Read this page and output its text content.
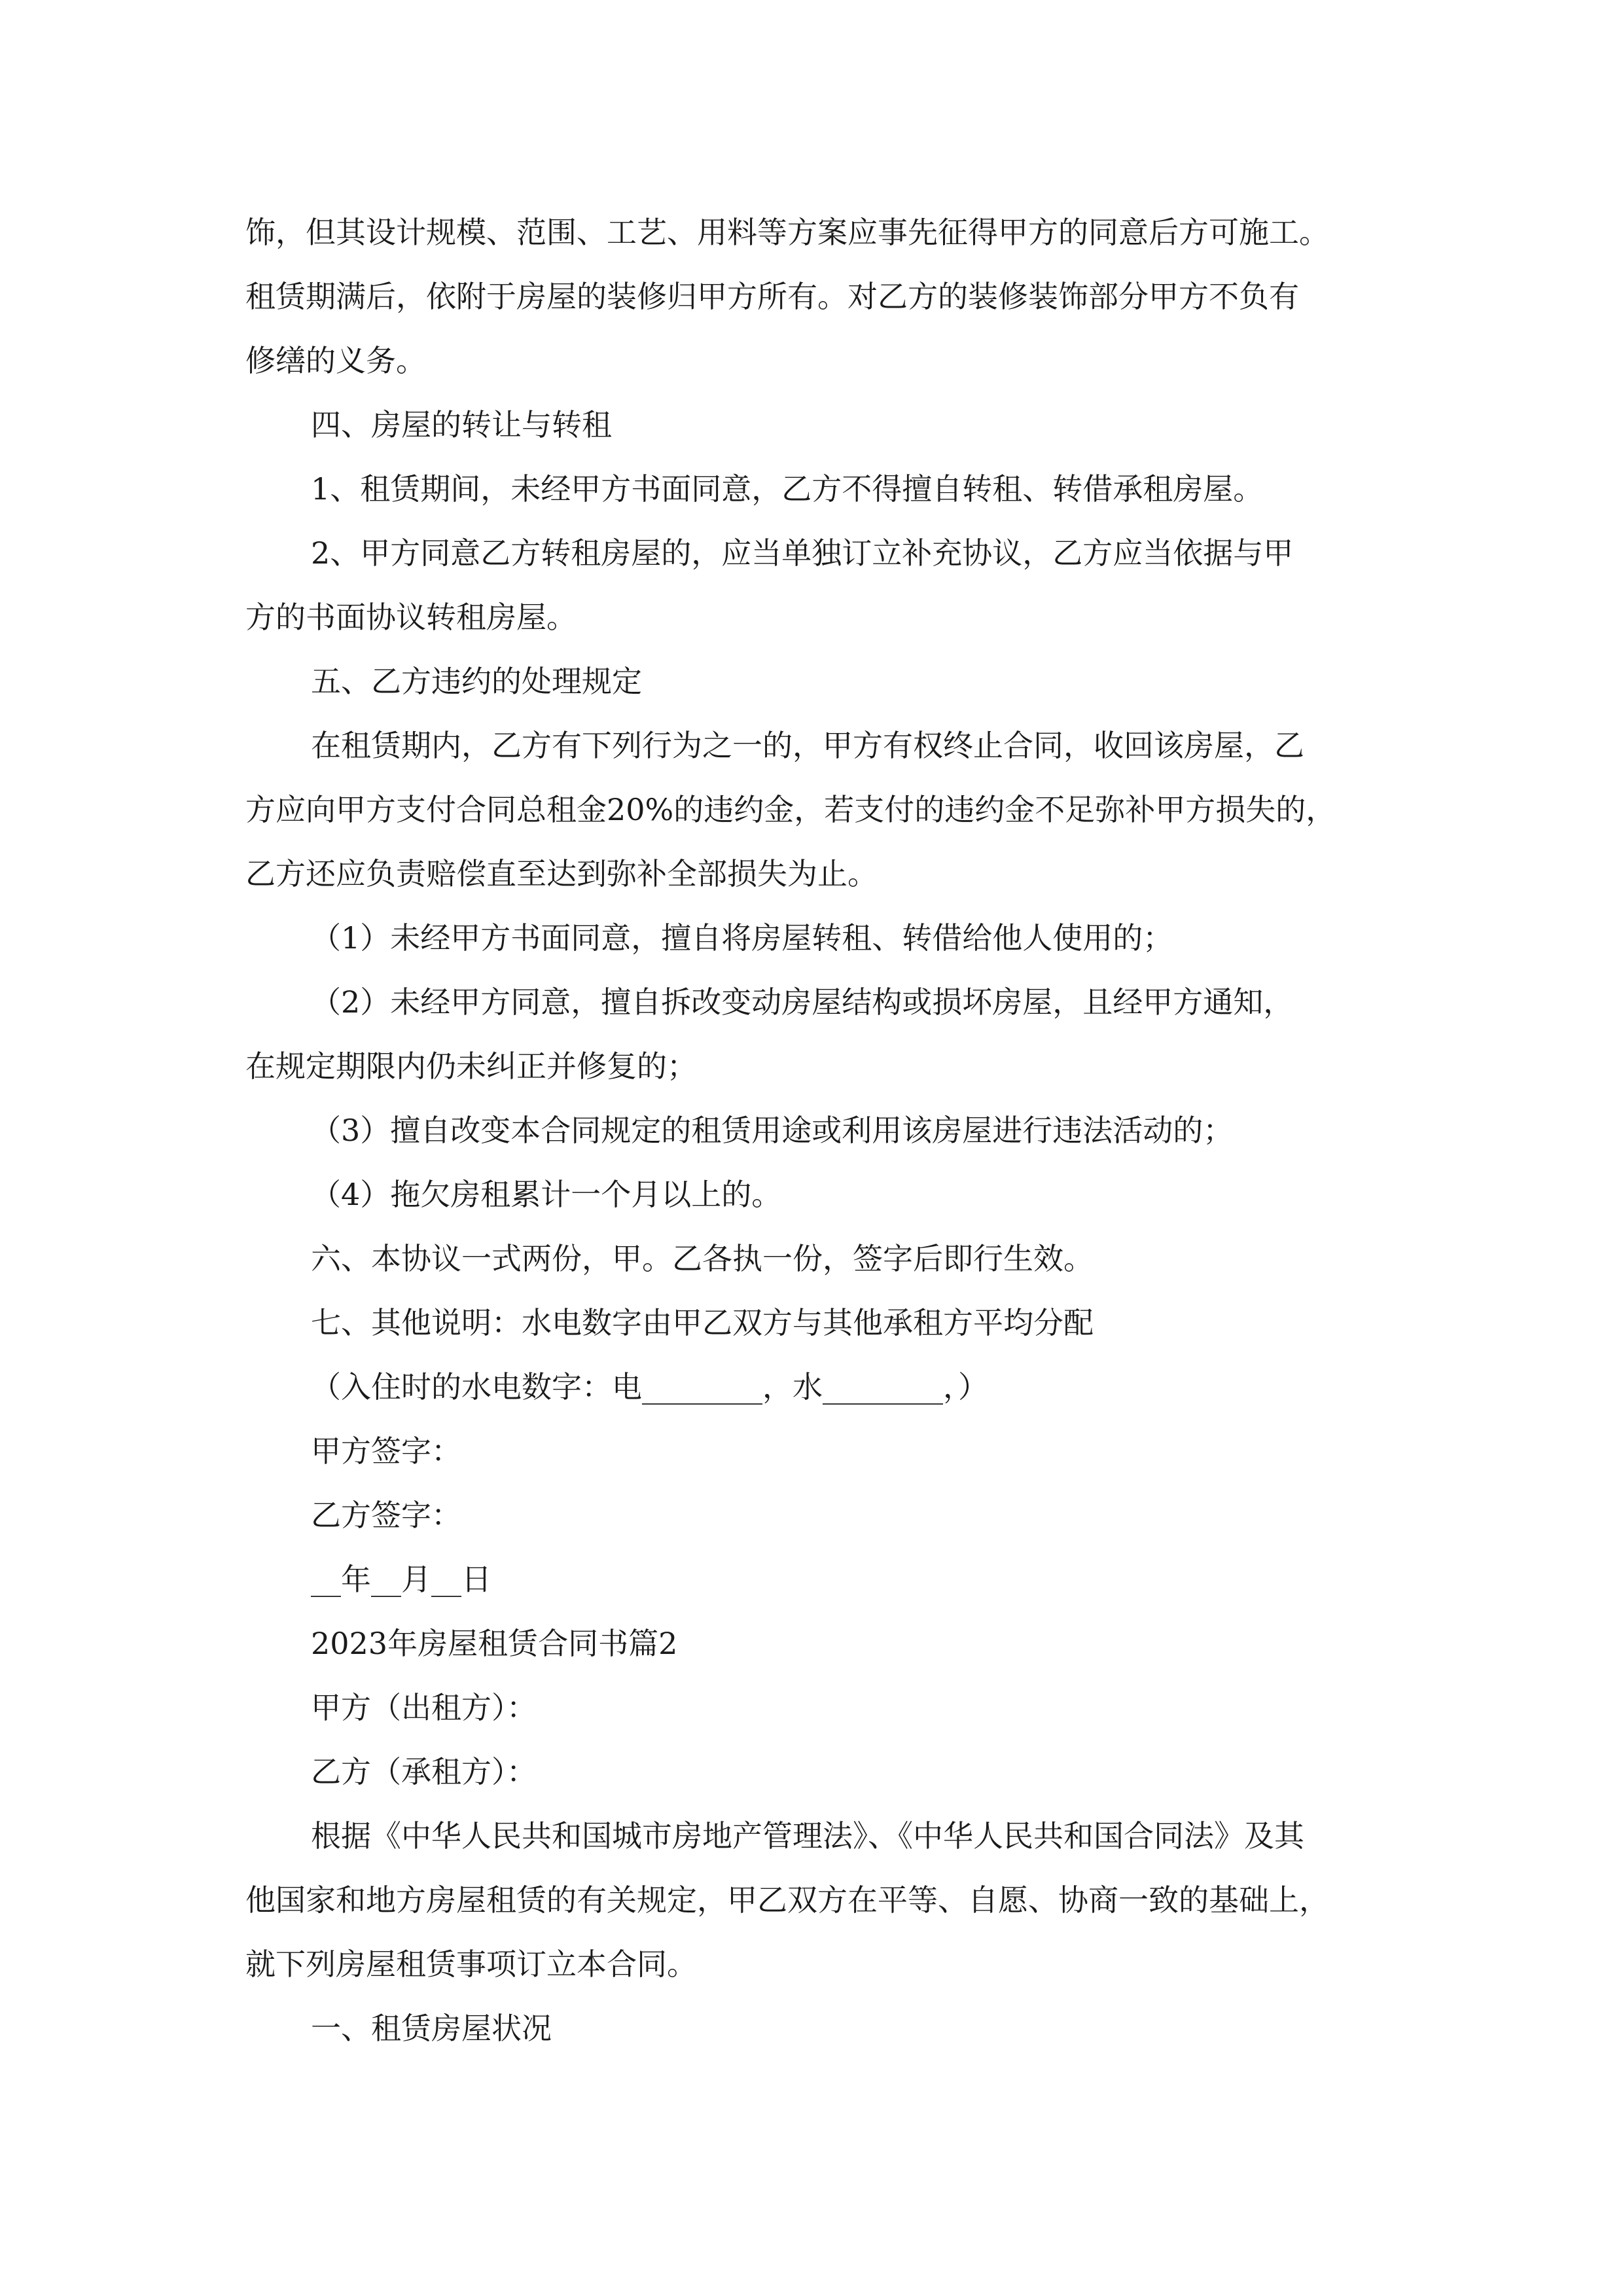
饰，但其设计规模、范围、工艺、用料等方案应事先征得甲方的同意后方可施工。

租赁期满后，依附于房屋的装修归甲方所有。对乙方的装修装饰部分甲方不负有

修缮的义务。

四、房屋的转让与转租

1、租赁期间，未经甲方书面同意，乙方不得擅自转租、转借承租房屋。

2、甲方同意乙方转租房屋的，应当单独订立补充协议，乙方应当依据与甲

方的书面协议转租房屋。

五、乙方违约的处理规定

在租赁期内，乙方有下列行为之一的，甲方有权终止合同，收回该房屋，乙

方应向甲方支付合同总租金20%的违约金，若支付的违约金不足弥补甲方损失的，

乙方还应负责赔偿直至达到弥补全部损失为止。

（1）未经甲方书面同意，擅自将房屋转租、转借给他人使用的；

（2）未经甲方同意，擅自拆改变动房屋结构或损坏房屋，且经甲方通知，

在规定期限内仍未纠正并修复的；

（3）擅自改变本合同规定的租赁用途或利用该房屋进行违法活动的；

（4）拖欠房租累计一个月以上的。

六、本协议一式两份，甲。乙各执一份，签字后即行生效。

七、其他说明：水电数字由甲乙双方与其他承租方平均分配

（入住时的水电数字：电________，水________，）

甲方签字：

乙方签字：

__年__月__日

2023年房屋租赁合同书篇2

甲方（出租方）：

乙方（承租方）：

根据《中华人民共和国城市房地产管理法》、《中华人民共和国合同法》及其

他国家和地方房屋租赁的有关规定，甲乙双方在平等、自愿、协商一致的基础上，

就下列房屋租赁事项订立本合同。

一、租赁房屋状况
